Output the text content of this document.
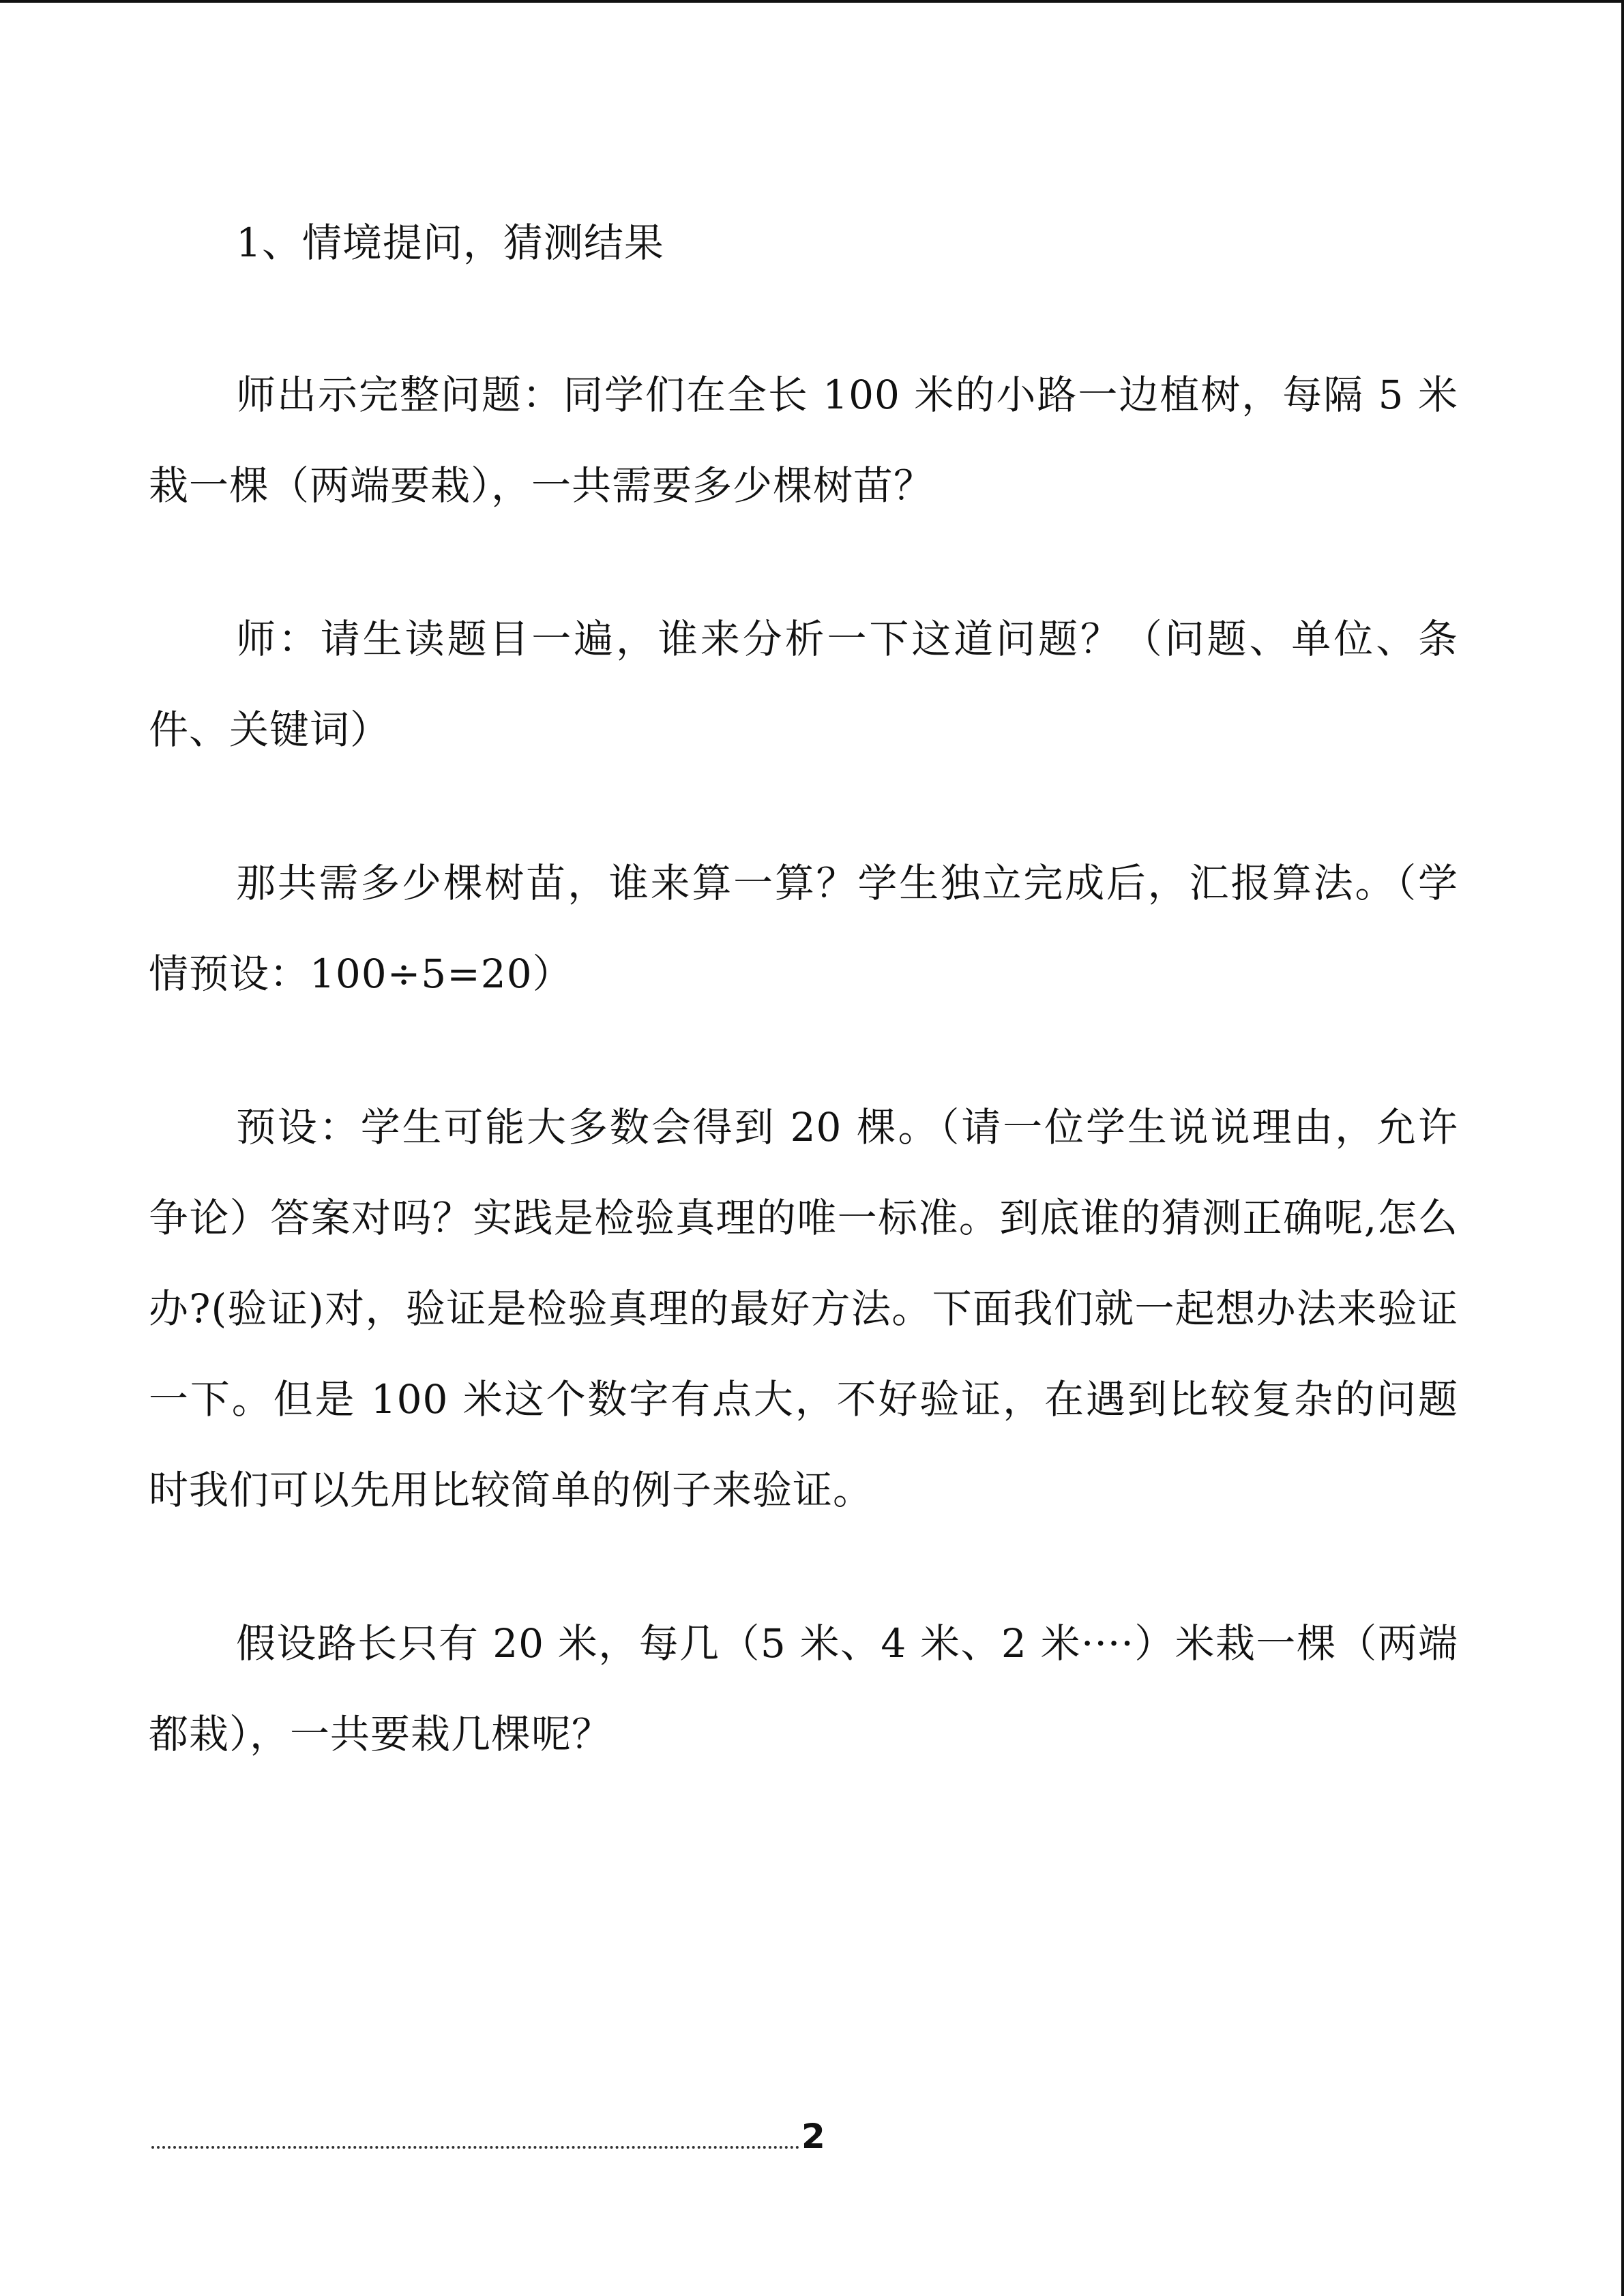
1、情境提问，猜测结果

师出示完整问题：同学们在全长 100 米的小路一边植树，每隔 5 米栽一棵（两端要栽），一共需要多少棵树苗？

师：请生读题目一遍，谁来分析一下这道问题？（问题、单位、条件、关键词）

那共需多少棵树苗，谁来算一算？学生独立完成后，汇报算法。（学情预设：100÷5=20）

预设：学生可能大多数会得到 20 棵。（请一位学生说说理由，允许争论）答案对吗？实践是检验真理的唯一标准。到底谁的猜测正确呢,怎么办?(验证)对，验证是检验真理的最好方法。下面我们就一起想办法来验证一下。但是 100 米这个数字有点大，不好验证，在遇到比较复杂的问题时我们可以先用比较简单的例子来验证。

假设路长只有 20 米，每几（5 米、4 米、2 米····）米栽一棵（两端都栽），一共要栽几棵呢？

2
